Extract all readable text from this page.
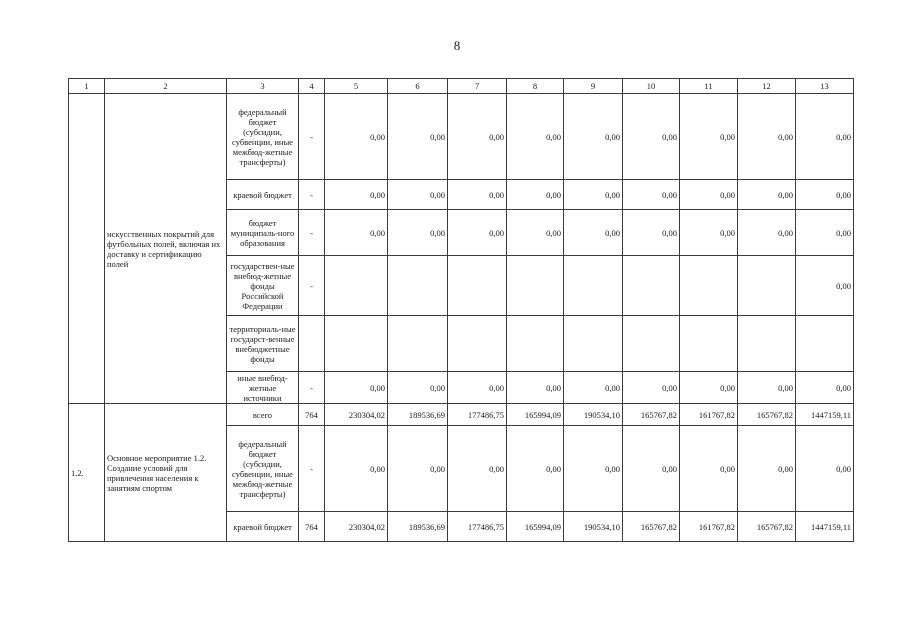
8
1	2	3	4	5	6	7	8	9	10	11	12	13
	искусственных покрытий для футбольных полей, включая их доставку и сертификацию полей	федеральный бюджет (субсидии, субвенции, иные межбюд-жетные трансферты)	-	0,00	0,00	0,00	0,00	0,00	0,00	0,00	0,00	0,00
		краевой бюджет	-	0,00	0,00	0,00	0,00	0,00	0,00	0,00	0,00	0,00
		бюджет муниципаль-ного образования	-	0,00	0,00	0,00	0,00	0,00	0,00	0,00	0,00	0,00
		государствен-ные внебюд-жетные фонды Российской Федерации	-									0,00
		территориаль-ные государст-венные внебюджетные фонды										
		иные внебюд-жетные источники	-	0,00	0,00	0,00	0,00	0,00	0,00	0,00	0,00	0,00
1.2.	Основное мероприятие 1.2. Создание условий для привлечения населения к занятиям спортом	всего	764	230304,02	189536,69	177486,75	165994,09	190534,10	165767,82	161767,82	165767,82	1447159,11
		федеральный бюджет (субсидии, субвенции, иные межбюд-жетные трансферты)	-	0,00	0,00	0,00	0,00	0,00	0,00	0,00	0,00	0,00
		краевой бюджет	764	230304,02	189536,69	177486,75	165994,09	190534,10	165767,82	161767,82	165767,82	1447159,11
